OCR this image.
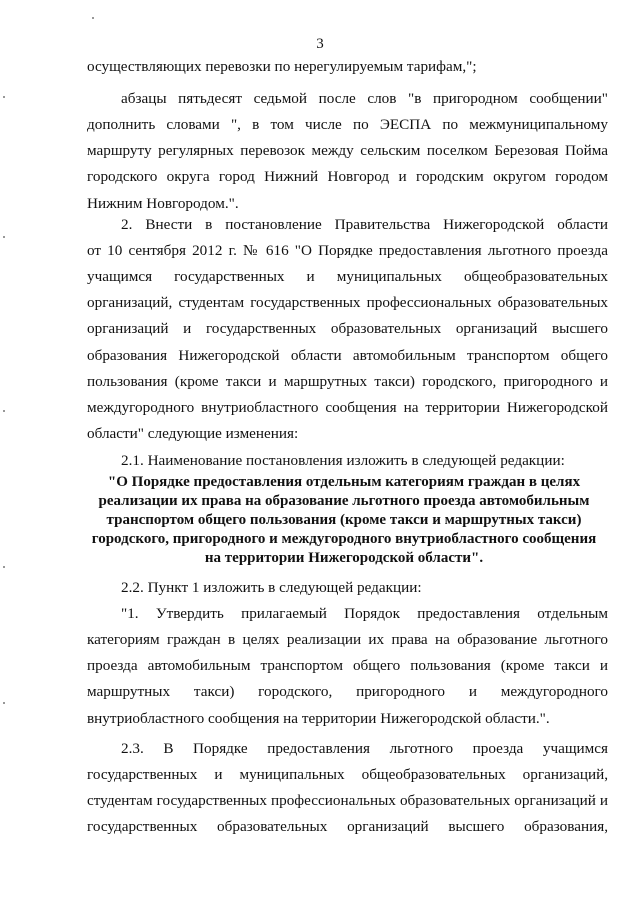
3
осуществляющих перевозки по нерегулируемым тарифам,";
абзацы пятьдесят седьмой после слов "в пригородном сообщении"
дополнить словами ", в том числе по ЭЕСПА по межмуниципальному
маршруту регулярных перевозок между сельским поселком Березовая Пойма
городского округа город Нижний Новгород и городским округом городом
Нижним Новгородом.".
2. Внести в постановление Правительства Нижегородской области
от 10 сентября 2012 г. № 616 "О Порядке предоставления льготного проезда
учащимся государственных и муниципальных общеобразовательных
организаций, студентам государственных профессиональных образовательных
организаций и государственных образовательных организаций высшего
образования Нижегородской области автомобильным транспортом общего
пользования (кроме такси и маршрутных такси) городского, пригородного и
междугородного внутриобластного сообщения на территории Нижегородской
области" следующие изменения:
2.1. Наименование постановления изложить в следующей редакции:
"О Порядке предоставления отдельным категориям граждан в целях
реализации их права на образование льготного проезда автомобильным
транспортом общего пользования (кроме такси и маршрутных такси)
городского, пригородного и междугородного внутриобластного сообщения
на территории Нижегородской области".
2.2. Пункт 1 изложить в следующей редакции:
"1. Утвердить прилагаемый Порядок предоставления отдельным
категориям граждан в целях реализации их права на образование льготного
проезда автомобильным транспортом общего пользования (кроме такси и
маршрутных такси) городского, пригородного и междугородного
внутриобластного сообщения на территории Нижегородской области.".
2.3. В Порядке предоставления льготного проезда учащимся
государственных и муниципальных общеобразовательных организаций,
студентам государственных профессиональных образовательных организаций и
государственных образовательных организаций высшего образования,
